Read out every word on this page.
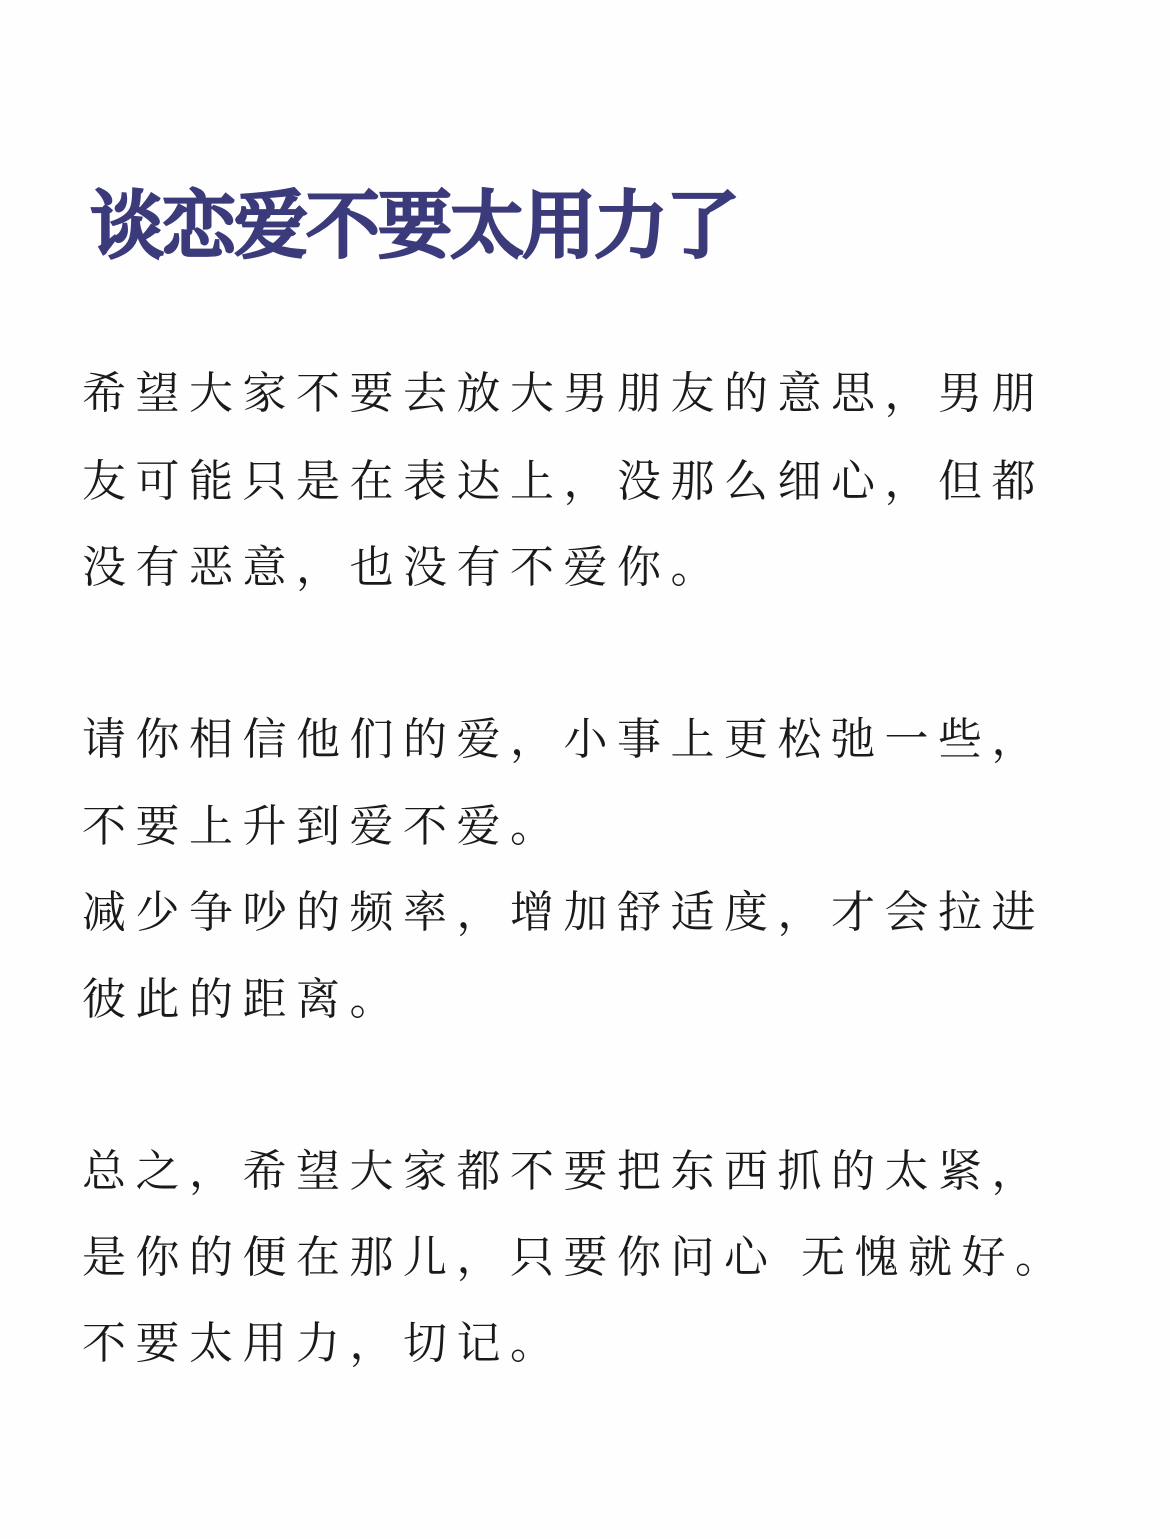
谈恋爱不要太用力了
希望大家不要去放大男朋友的意思，男朋
友可能只是在表达上，没那么细心，但都
没有恶意，也没有不爱你。
请你相信他们的爱，小事上更松弛一些，
不要上升到爱不爱。
减少争吵的频率，增加舒适度，才会拉进
彼此的距离。
总之，希望大家都不要把东西抓的太紧，
是你的便在那儿，只要你问心 无愧就好。
不要太用力，切记。
